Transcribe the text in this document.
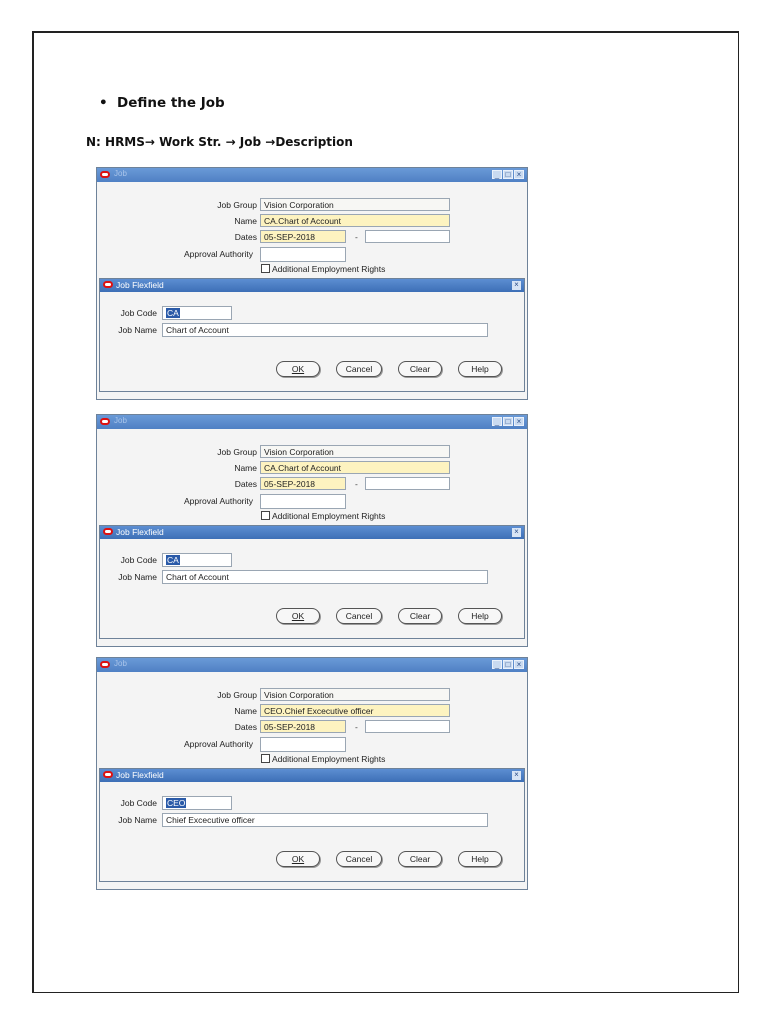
• Define the Job
N: HRMS→ Work Str. → Job →Description
Job	_ □ ×
Job Group Vision Corporation
Name CA.Chart of Account
Dates 05-SEP-2018	-
Approval Authority
Additional Employment Rights
Job Flexfield	×
Job Code	CA
Job Name	Chart of Account
OK	Cancel	Clear	Help
Job	_ □ ×
Job Group Vision Corporation
Name CA.Chart of Account
Dates 05-SEP-2018	-
Approval Authority
Additional Employment Rights
Job Flexfield	×
Job Code	CA
Job Name	Chart of Account
OK	Cancel	Clear	Help
Job	_ □ ×
Job Group Vision Corporation
Name CEO.Chief Excecutive officer
Dates 05-SEP-2018	-
Approval Authority
Additional Employment Rights
Job Flexfield	×
Job Code	CEO
Job Name	Chief Excecutive officer
OK	Cancel	Clear	Help
